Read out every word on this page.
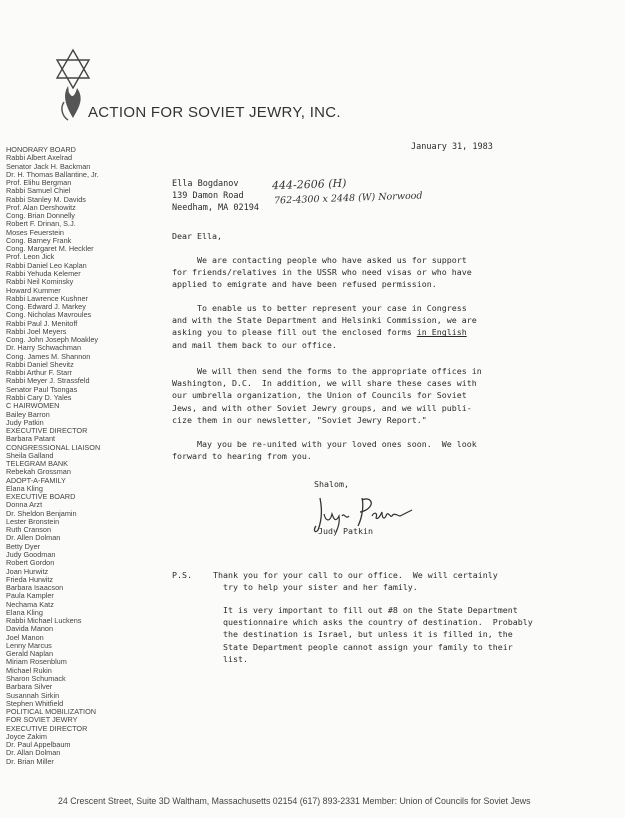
ACTION FOR SOVIET JEWRY, INC.
HONORARY BOARD
Rabbi Albert Axelrad
Senator Jack H. Backman
Dr. H. Thomas Ballantine, Jr.
Prof. Elihu Bergman
Rabbi Samuel Chiel
Rabbi Stanley M. Davids
Prof. Alan Dershowitz
Cong. Brian Donnelly
Robert F. Drinan, S.J.
Moses Feuerstein
Cong. Barney Frank
Cong. Margaret M. Heckler
Prof. Leon Jick
Rabbi Daniel Leo Kaplan
Rabbi Yehuda Kelemer
Rabbi Neil Kominsky
Howard Kummer
Rabbi Lawrence Kushner
Cong. Edward J. Markey
Cong. Nicholas Mavroules
Rabbi Paul J. Menitoff
Rabbi Joel Meyers
Cong. John Joseph Moakley
Dr. Harry Schwachman
Cong. James M. Shannon
Rabbi Daniel Shevitz
Rabbi Arthur F. Starr
Rabbi Meyer J. Strassfeld
Senator Paul Tsongas
Rabbi Cary D. Yales
C HAIRWOMEN
Bailey Barron
Judy Patkin
EXECUTIVE DIRECTOR
Barbara Patant
CONGRESSIONAL LIAISON
Sheila Galland
TELEGRAM BANK
Rebekah Grossman
ADOPT-A-FAMILY
Elana Kling
EXECUTIVE BOARD
Donna Arzt
Dr. Sheldon Benjamin
Lester Bronstein
Ruth Cranson
Dr. Allen Dolman
Betty Dyer
Judy Goodman
Robert Gordon
Joan Hurwitz
Frieda Hurwitz
Barbara Isaacson
Paula Kampler
Nechama Katz
Elana Kling
Rabbi Michael Luckens
Davida Manon
Joel Manon
Lenny Marcus
Gerald Naplan
Miriam Rosenblum
Michael Rukin
Sharon Schumack
Barbara Silver
Susannah Sirkin
Stephen Whitfield
POLITICAL MOBILIZATION
FOR SOVIET JEWRY
EXECUTIVE DIRECTOR
Joyce Zakim
Dr. Paul Appelbaum
Dr. Allan Dolman
Dr. Brian Miller
January 31, 1983
Ella Bogdanov
139 Damon Road
Needham, MA 02194
444-2606 (H)
762-4300 x 2448 (W) Norwood
Dear Ella,
We are contacting people who have asked us for support
for friends/relatives in the USSR who need visas or who have
applied to emigrate and have been refused permission.
To enable us to better represent your case in Congress
and with the State Department and Helsinki Commission, we are
asking you to please fill out the enclosed forms in English
and mail them back to our office.
We will then send the forms to the appropriate offices in
Washington, D.C.  In addition, we will share these cases with
our umbrella organization, the Union of Councils for Soviet
Jews, and with other Soviet Jewry groups, and we will publi-
cize them in our newsletter, "Soviet Jewry Report."
May you be re-united with your loved ones soon.  We look
forward to hearing from you.
Shalom,
Judy Patkin
P.S.	Thank you for your call to our office.  We will certainly
try to help your sister and her family.
It is very important to fill out #8 on the State Department
questionnaire which asks the country of destination.  Probably
the destination is Israel, but unless it is filled in, the
State Department people cannot assign your family to their
list.
24 Crescent Street, Suite 3D Waltham, Massachusetts 02154 (617) 893-2331 Member: Union of Councils for Soviet Jews
